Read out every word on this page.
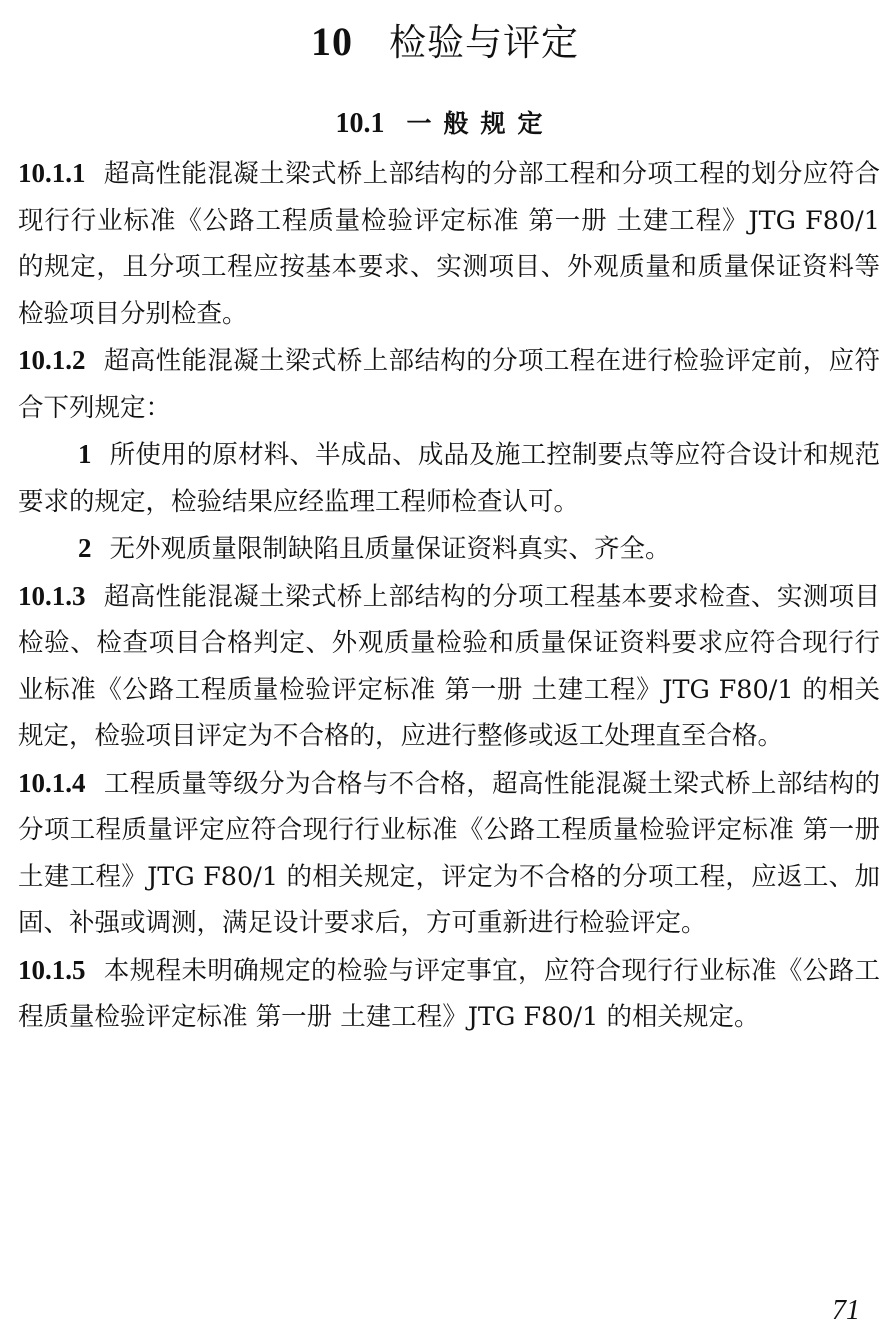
10 检验与评定
10.1 一般规定

10.1.1 超高性能混凝土梁式桥上部结构的分部工程和分项工程的划分应符合现行行业标准《公路工程质量检验评定标准 第一册 土建工程》JTG F80/1 的规定，且分项工程应按基本要求、实测项目、外观质量和质量保证资料等检验项目分别检查。

10.1.2 超高性能混凝土梁式桥上部结构的分项工程在进行检验评定前，应符合下列规定：

1 所使用的原材料、半成品、成品及施工控制要点等应符合设计和规范要求的规定，检验结果应经监理工程师检查认可。

2 无外观质量限制缺陷且质量保证资料真实、齐全。

10.1.3 超高性能混凝土梁式桥上部结构的分项工程基本要求检查、实测项目检验、检查项目合格判定、外观质量检验和质量保证资料要求应符合现行行业标准《公路工程质量检验评定标准 第一册 土建工程》JTG F80/1 的相关规定，检验项目评定为不合格的，应进行整修或返工处理直至合格。

10.1.4 工程质量等级分为合格与不合格，超高性能混凝土梁式桥上部结构的分项工程质量评定应符合现行行业标准《公路工程质量检验评定标准 第一册 土建工程》JTG F80/1 的相关规定，评定为不合格的分项工程，应返工、加固、补强或调测，满足设计要求后，方可重新进行检验评定。

10.1.5 本规程未明确规定的检验与评定事宜，应符合现行行业标准《公路工程质量检验评定标准 第一册 土建工程》JTG F80/1 的相关规定。

71
